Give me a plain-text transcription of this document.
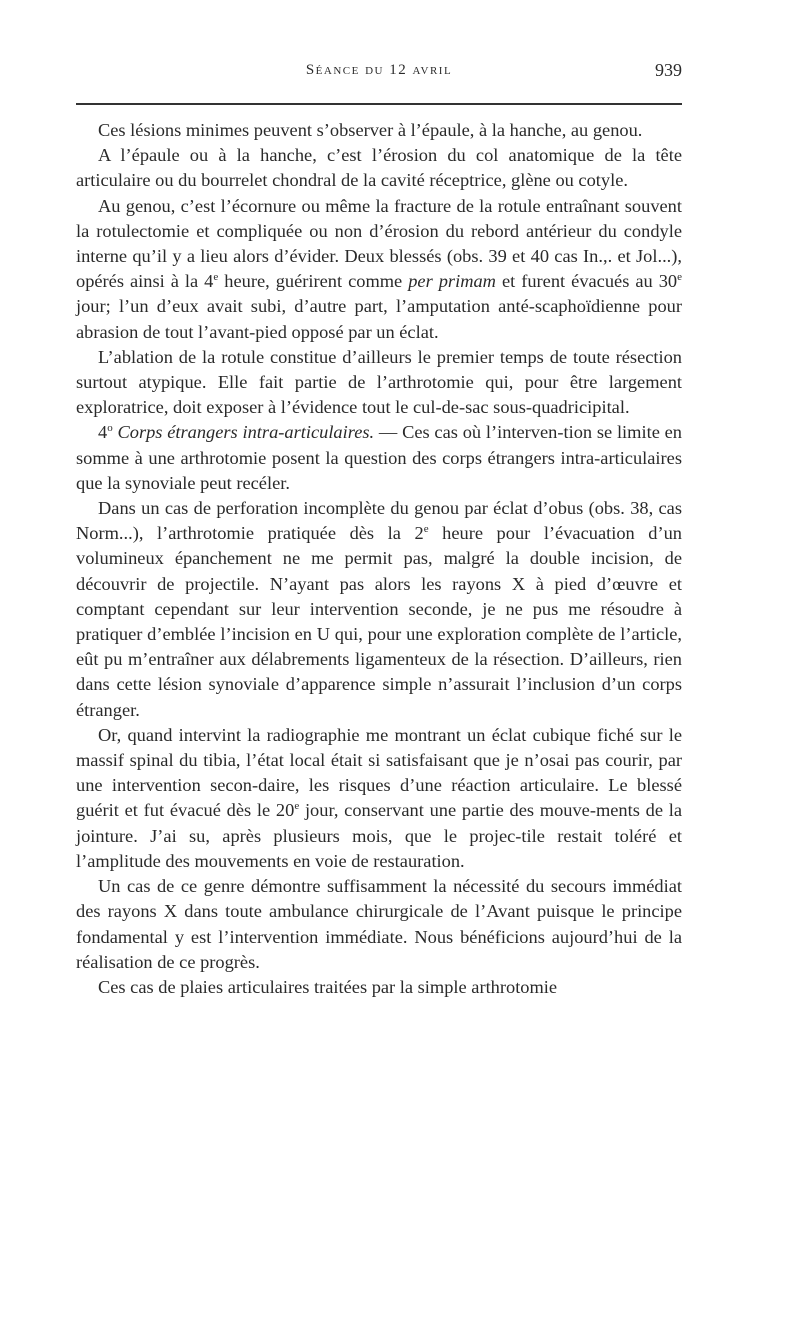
Séance du 12 avril	939

Ces lésions minimes peuvent s’observer à l’épaule, à la hanche, au genou.

A l’épaule ou à la hanche, c’est l’érosion du col anatomique de la tête articulaire ou du bourrelet chondral de la cavité réceptrice, glène ou cotyle.

Au genou, c’est l’écornure ou même la fracture de la rotule entraînant souvent la rotulectomie et compliquée ou non d’érosion du rebord antérieur du condyle interne qu’il y a lieu alors d’évider. Deux blessés (obs. 39 et 40 cas In.,. et Jol...), opérés ainsi à la 4e heure, guérirent comme per primam et furent évacués au 30e jour; l’un d’eux avait subi, d’autre part, l’amputation anté-scaphoïdienne pour abrasion de tout l’avant-pied opposé par un éclat.

L’ablation de la rotule constitue d’ailleurs le premier temps de toute résection surtout atypique. Elle fait partie de l’arthrotomie qui, pour être largement exploratrice, doit exposer à l’évidence tout le cul-de-sac sous-quadricipital.

4$^o$ Corps étrangers intra-articulaires. — Ces cas où l’interven-tion se limite en somme à une arthrotomie posent la question des corps étrangers intra-articulaires que la synoviale peut recéler.

Dans un cas de perforation incomplète du genou par éclat d’obus (obs. 38, cas Norm...), l’arthrotomie pratiquée dès la 2e heure pour l’évacuation d’un volumineux épanchement ne me permit pas, malgré la double incision, de découvrir de projectile. N’ayant pas alors les rayons X à pied d’œuvre et comptant cependant sur leur intervention seconde, je ne pus me résoudre à pratiquer d’emblée l’incision en U qui, pour une exploration complète de l’article, eût pu m’entraîner aux délabrements ligamenteux de la résection. D’ailleurs, rien dans cette lésion synoviale d’apparence simple n’assurait l’inclusion d’un corps étranger.

Or, quand intervint la radiographie me montrant un éclat cubique fiché sur le massif spinal du tibia, l’état local était si satisfaisant que je n’osai pas courir, par une intervention secon-daire, les risques d’une réaction articulaire. Le blessé guérit et fut évacué dès le 20e jour, conservant une partie des mouve-ments de la jointure. J’ai su, après plusieurs mois, que le projec-tile restait toléré et l’amplitude des mouvements en voie de restauration.

Un cas de ce genre démontre suffisamment la nécessité du secours immédiat des rayons X dans toute ambulance chirurgicale de l’Avant puisque le principe fondamental y est l’intervention immédiate. Nous bénéficions aujourd’hui de la réalisation de ce progrès.

Ces cas de plaies articulaires traitées par la simple arthrotomie
